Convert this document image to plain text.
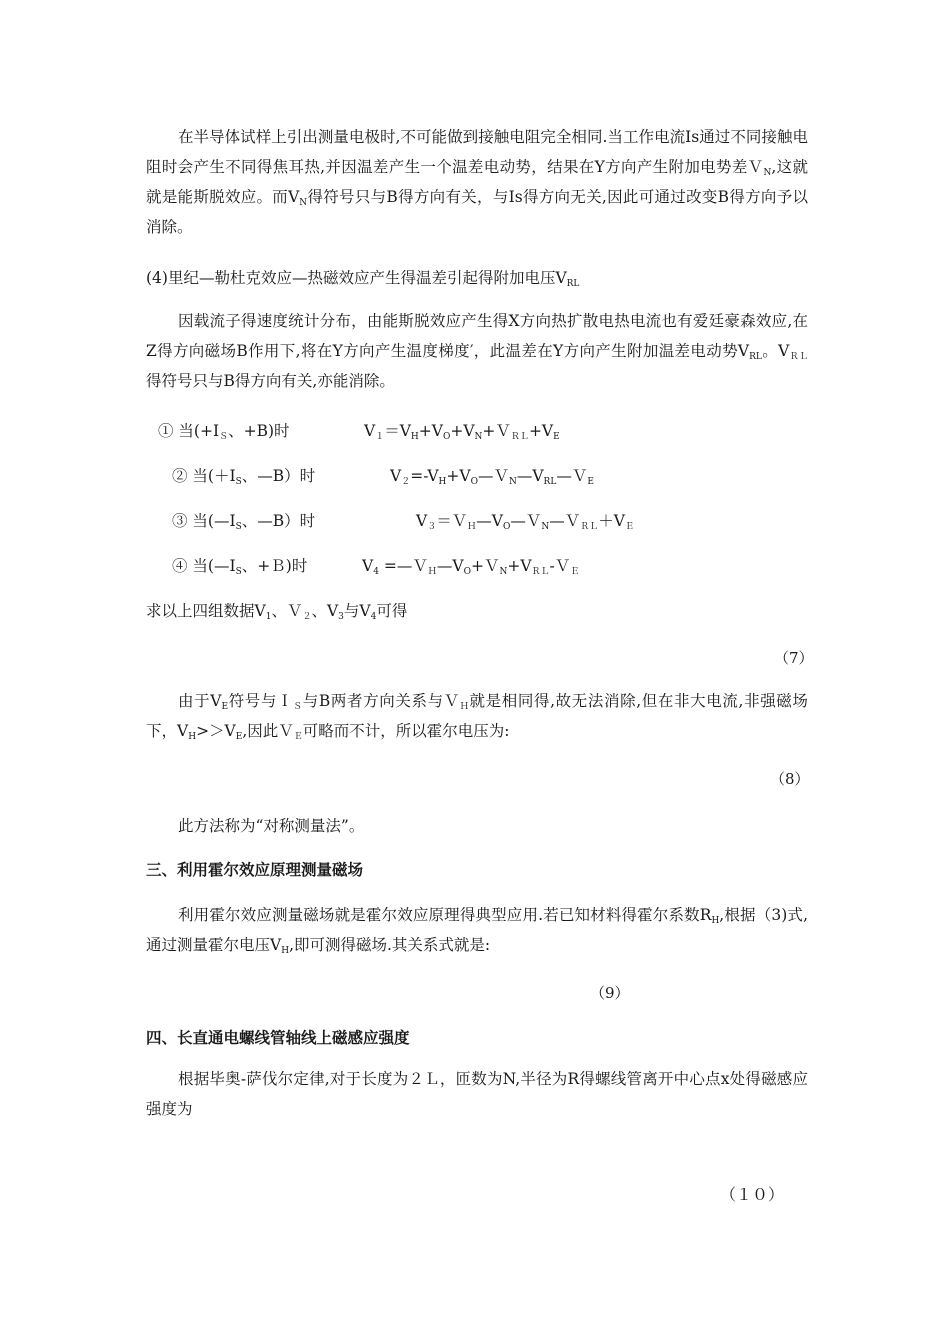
在半导体试样上引出测量电极时,不可能做到接触电阻完全相同.当工作电流Is通过不同接触电阻时会产生不同得焦耳热,并因温差产生一个温差电动势，结果在Y方向产生附加电势差Ｖ$_N$,这就就是能斯脱效应。而$V_N$得符号只与B得方向有关，与Is得方向无关,因此可通过改变B得方向予以消除。

(4)里纪—勒杜克效应—热磁效应产生得温差引起得附加电压$V_{RL}$

因载流子得速度统计分布，由能斯脱效应产生得X方向热扩散电热电流也有爱廷豪森效应,在Z得方向磁场B作用下,将在Y方向产生温度梯度′，此温差在Y方向产生附加温差电动势$V_{RL}$。$V_{RL}$得符号只与B得方向有关,亦能消除。

① 当($+I_S$、+B)时	$V_1=V_H+V_O+V_N+V_{RL}+V_E$

② 当($+I_S$、—B）时	$V_2=-V_H+V_O—V_N—V_{RL}—V_E$

③ 当($—I_S$、—B）时	$V_3=V_H—V_O—V_N—V_{RL}+V_E$

④ 当($—I_S$、+Ｂ)时	$V_4$ $=—V_H—V_O+V_N+V_{RL}-V_E$

求以上四组数据$V_1$、Ｖ$_2$、$V_3$与$V_4$可得

（7）

由于$V_E$符号与Ｉ$_S$与B两者方向关系与Ｖ$_H$就是相同得,故无法消除,但在非大电流,非强磁场下，$V_H>>V_E$,因此Ｖ$_E$可略而不计，所以霍尔电压为:

（8）

此方法称为“对称测量法”。

三、利用霍尔效应原理测量磁场

利用霍尔效应测量磁场就是霍尔效应原理得典型应用.若已知材料得霍尔系数$R_H$,根据（3)式,通过测量霍尔电压$V_H$,即可测得磁场.其关系式就是:

（9）
四、长直通电螺线管轴线上磁感应强度

根据毕奥-萨伐尔定律,对于长度为２Ｌ，匝数为N,半径为R得螺线管离开中心点x处得磁感应强度为

（１０）
